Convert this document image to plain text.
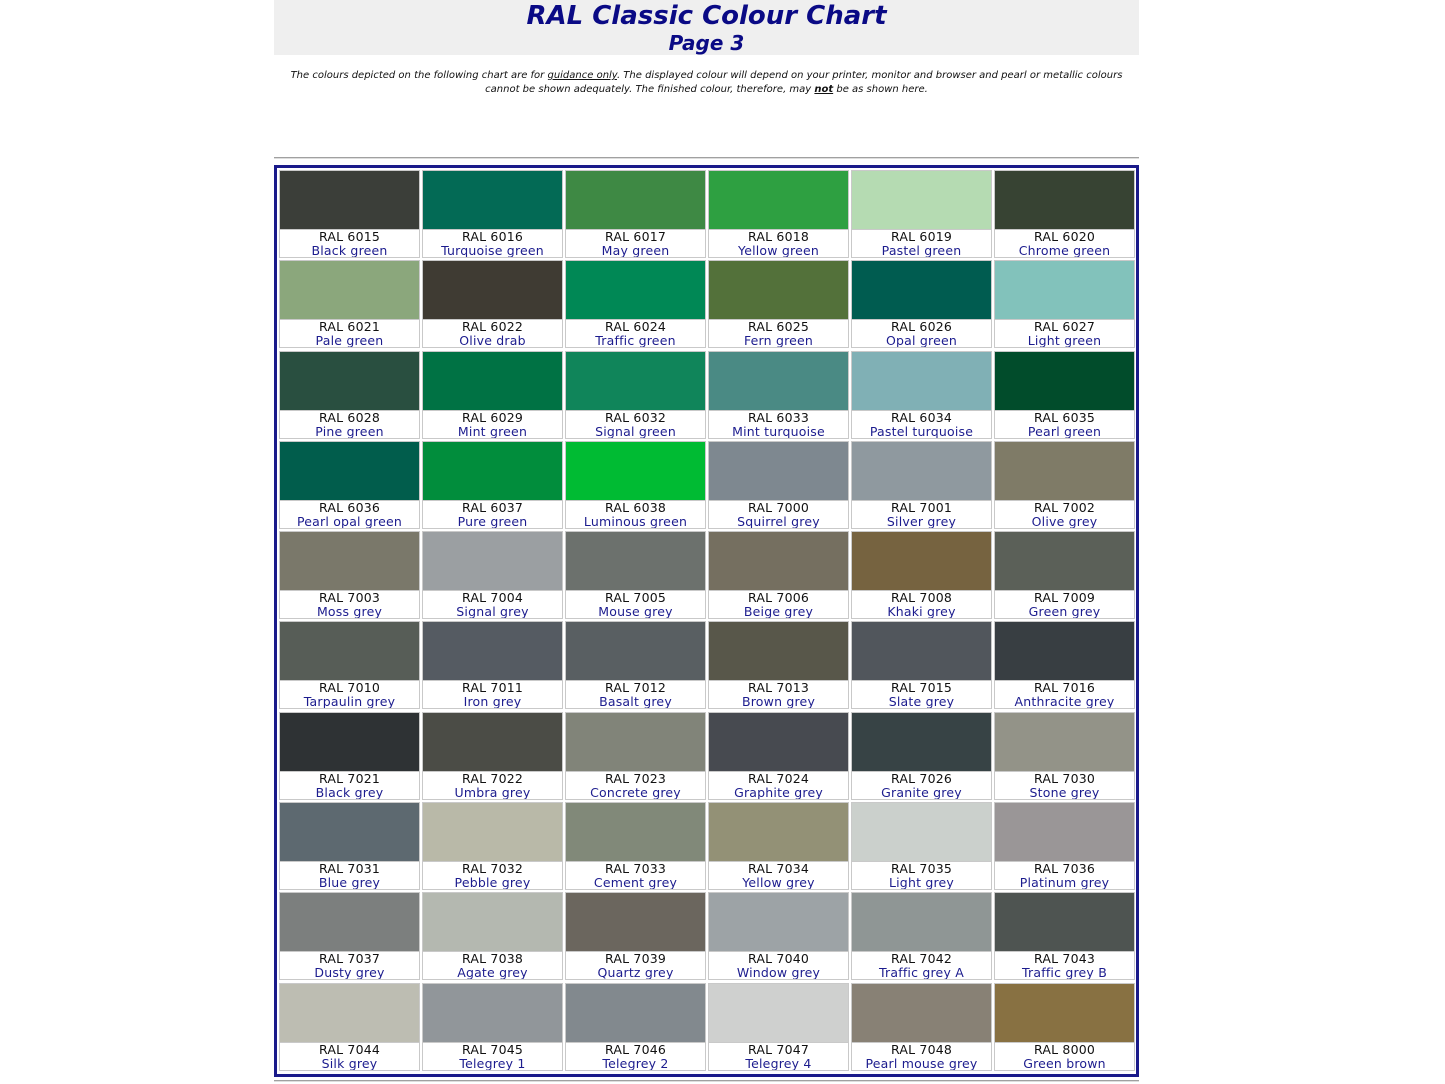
RAL Classic Colour Chart
Page 3

The colours depicted on the following chart are for guidance only. The displayed colour will depend on your printer, monitor and browser and pearl or metallic colours cannot be shown adequately. The finished colour, therefore, may not be as shown here.

RAL 6015
Black green
RAL 6016
Turquoise green
RAL 6017
May green
RAL 6018
Yellow green
RAL 6019
Pastel green
RAL 6020
Chrome green
RAL 6021
Pale green
RAL 6022
Olive drab
RAL 6024
Traffic green
RAL 6025
Fern green
RAL 6026
Opal green
RAL 6027
Light green
RAL 6028
Pine green
RAL 6029
Mint green
RAL 6032
Signal green
RAL 6033
Mint turquoise
RAL 6034
Pastel turquoise
RAL 6035
Pearl green
RAL 6036
Pearl opal green
RAL 6037
Pure green
RAL 6038
Luminous green
RAL 7000
Squirrel grey
RAL 7001
Silver grey
RAL 7002
Olive grey
RAL 7003
Moss grey
RAL 7004
Signal grey
RAL 7005
Mouse grey
RAL 7006
Beige grey
RAL 7008
Khaki grey
RAL 7009
Green grey
RAL 7010
Tarpaulin grey
RAL 7011
Iron grey
RAL 7012
Basalt grey
RAL 7013
Brown grey
RAL 7015
Slate grey
RAL 7016
Anthracite grey
RAL 7021
Black grey
RAL 7022
Umbra grey
RAL 7023
Concrete grey
RAL 7024
Graphite grey
RAL 7026
Granite grey
RAL 7030
Stone grey
RAL 7031
Blue grey
RAL 7032
Pebble grey
RAL 7033
Cement grey
RAL 7034
Yellow grey
RAL 7035
Light grey
RAL 7036
Platinum grey
RAL 7037
Dusty grey
RAL 7038
Agate grey
RAL 7039
Quartz grey
RAL 7040
Window grey
RAL 7042
Traffic grey A
RAL 7043
Traffic grey B
RAL 7044
Silk grey
RAL 7045
Telegrey 1
RAL 7046
Telegrey 2
RAL 7047
Telegrey 4
RAL 7048
Pearl mouse grey
RAL 8000
Green brown
